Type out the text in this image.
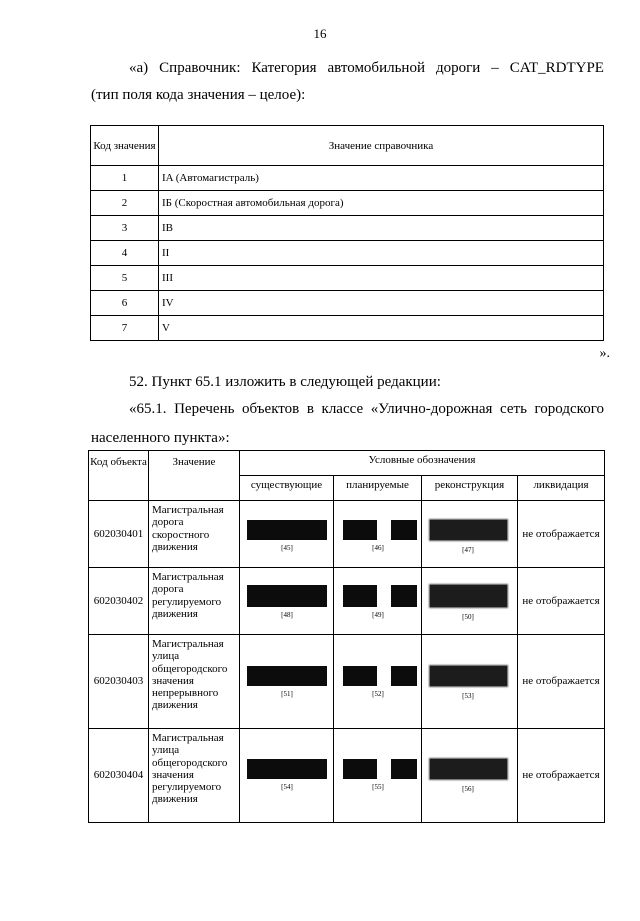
16
«а) Справочник: Категория автомобильной дороги – CAT_RDTYPE
(тип поля кода значения – целое):
Код значения	Значение справочника
1	IA (Автомагистраль)
2	IБ (Скоростная автомобильная дорога)
3	IB
4	II
5	III
6	IV
7	V
».
52. Пункт 65.1 изложить в следующей редакции:
«65.1. Перечень объектов в классе «Улично-дорожная сеть городского
населенного пункта»:
Код объекта	Значение	Условные обозначения			
		существующие	планируемые	реконструкция	ликвидация
602030401	Магистральная дорога скоростного движения	[45]	[46]	[47]	не отображается
602030402	Магистральная дорога регулируемого движения	[48]	[49]	[50]	не отображается
602030403	Магистральная улица общегородского значения непрерывного движения	[51]	[52]	[53]	не отображается
602030404	Магистральная улица общегородского значения регулируемого движения	[54]	[55]	[56]	не отображается
